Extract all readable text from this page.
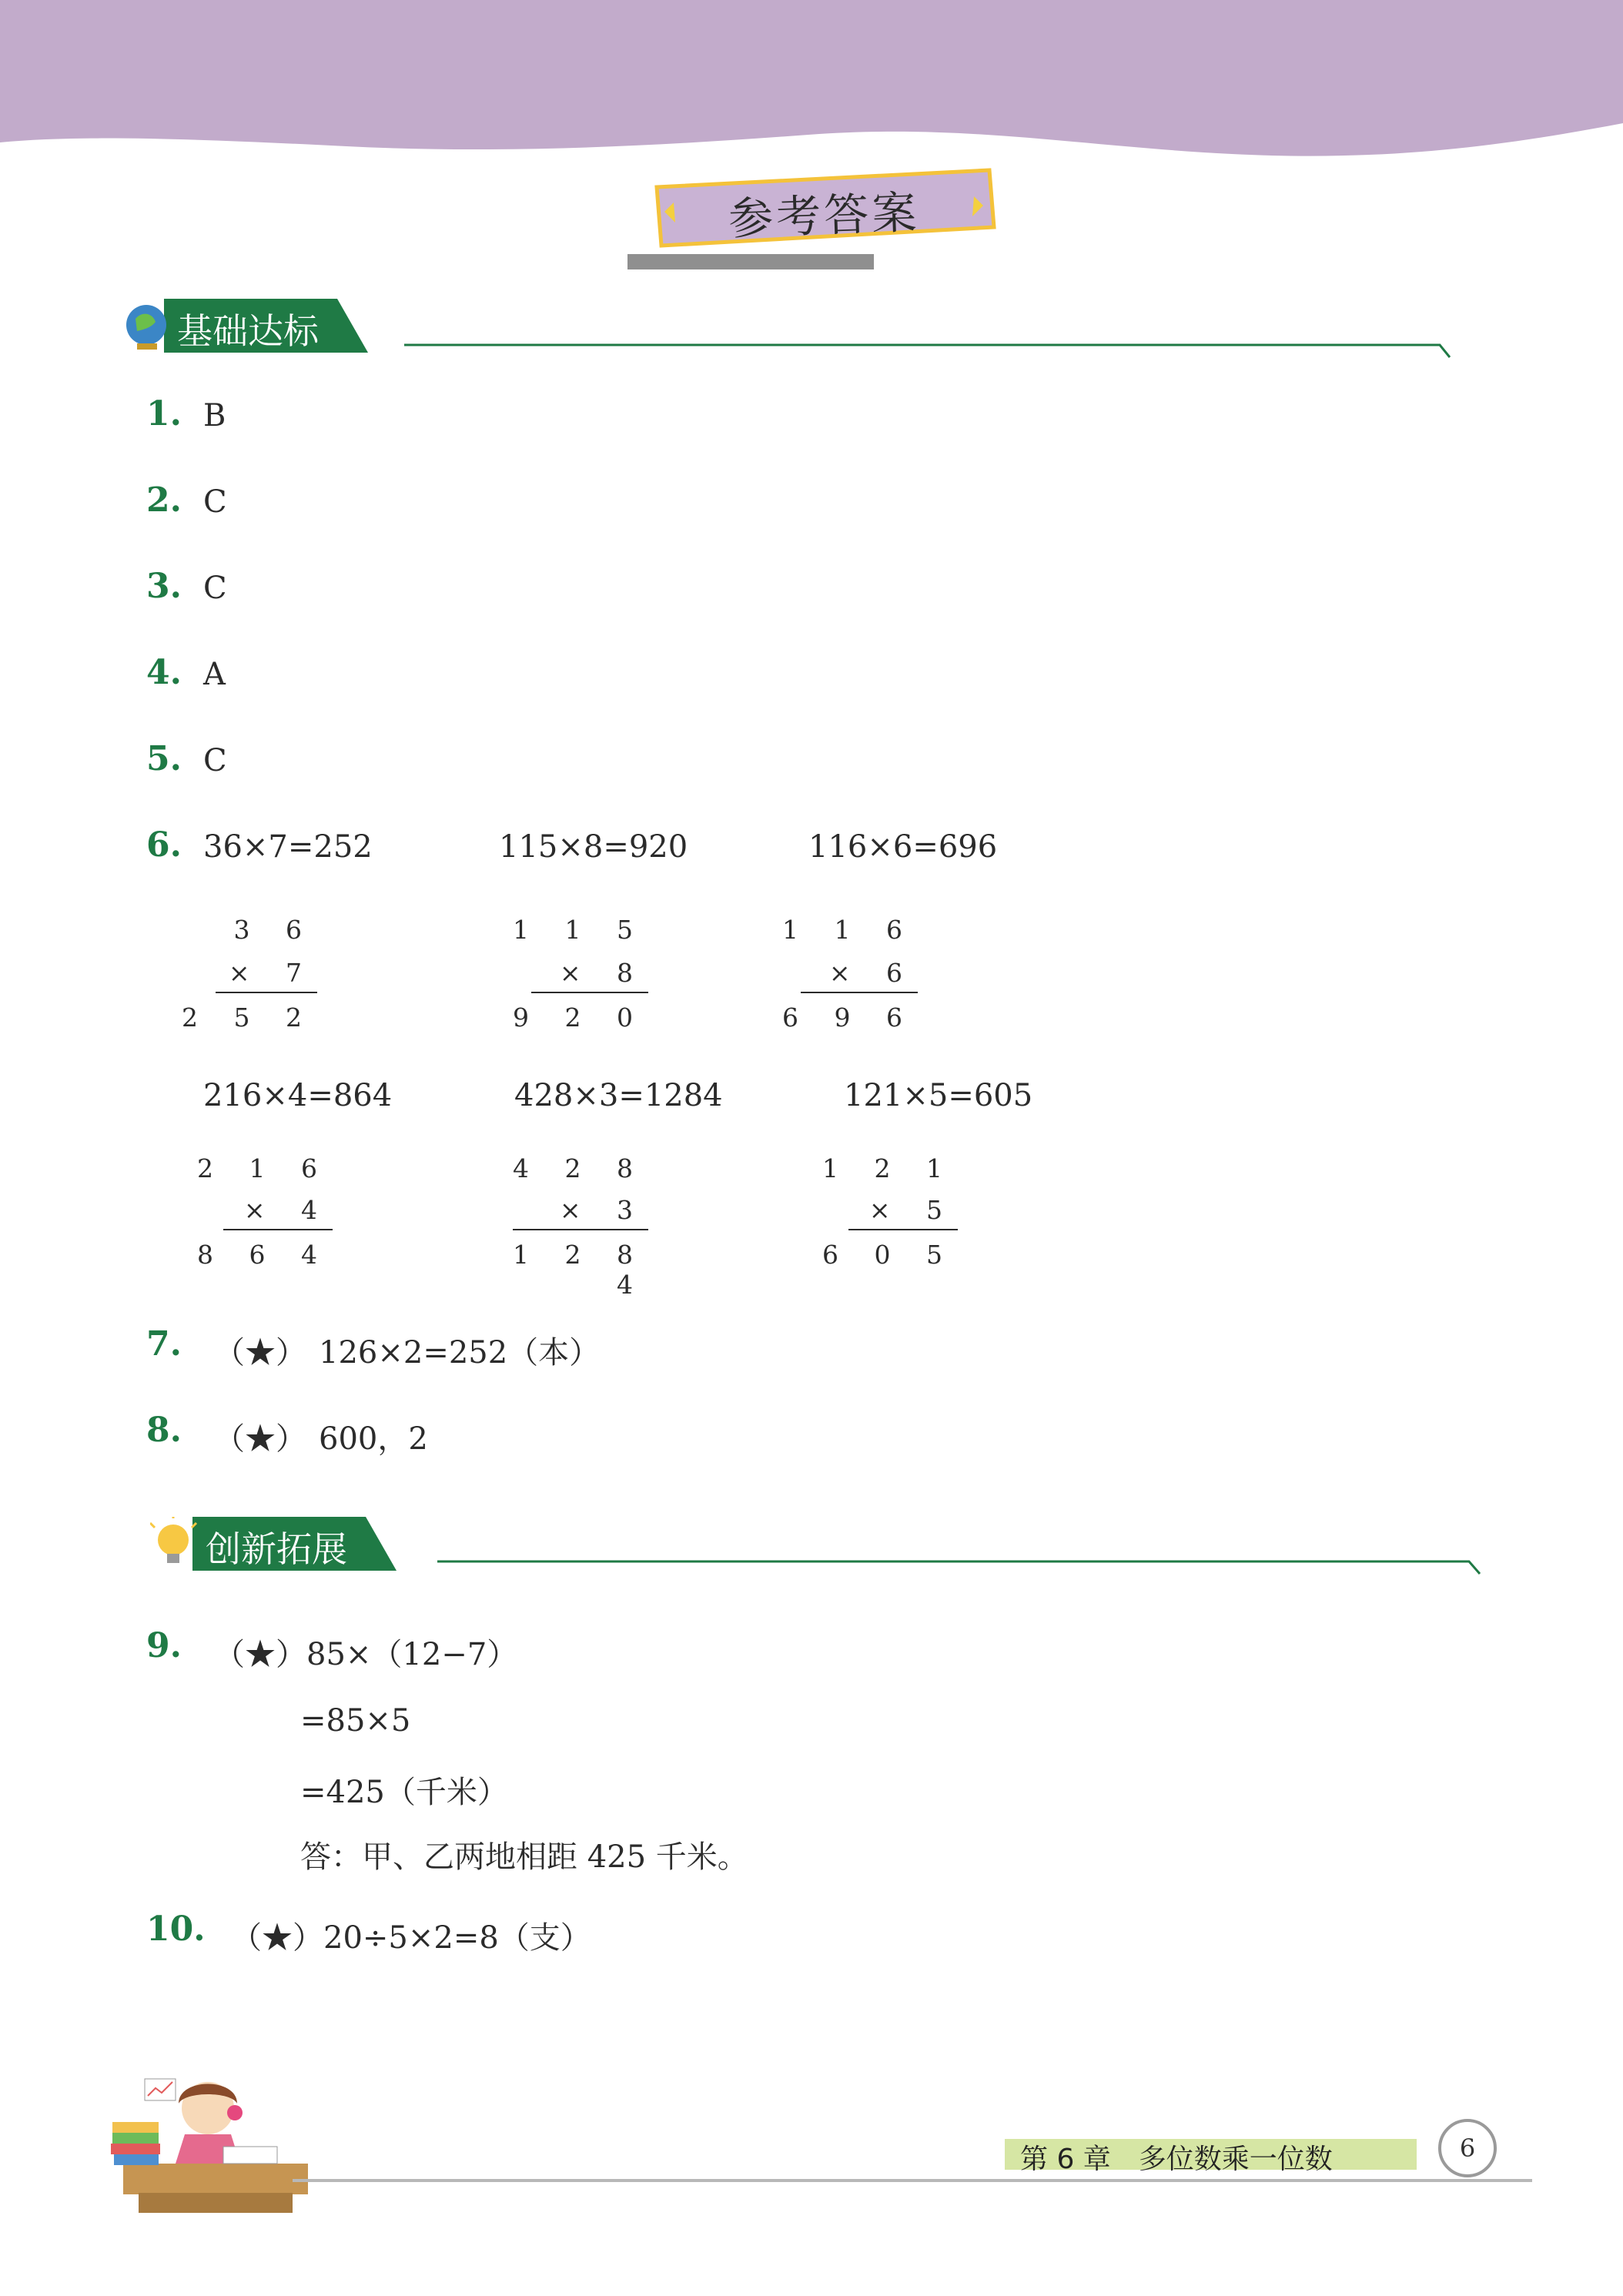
参考答案
基础达标
1. B
2. C
3. C
4. A
5. C
6. 36×7=252	115×8=920	116×6=696
3 6
× 7
2 5 2
1 1 5
× 8
9 2 0
1 1 6
× 6
6 9 6
216×4=864	428×3=1284	121×5=605
2 1 6
× 4
8 6 4
4 2 8
× 3
1 2 8 4
1 2 1
× 5
6 0 5
7. （★） 126×2=252（本）
8. （★） 600，2
创新拓展
9. （★）85×（12−7）
=85×5
=425（千米）
答：甲、乙两地相距 425 千米。
10. （★）20÷5×2=8（支）
第 6 章　多位数乘一位数	6
